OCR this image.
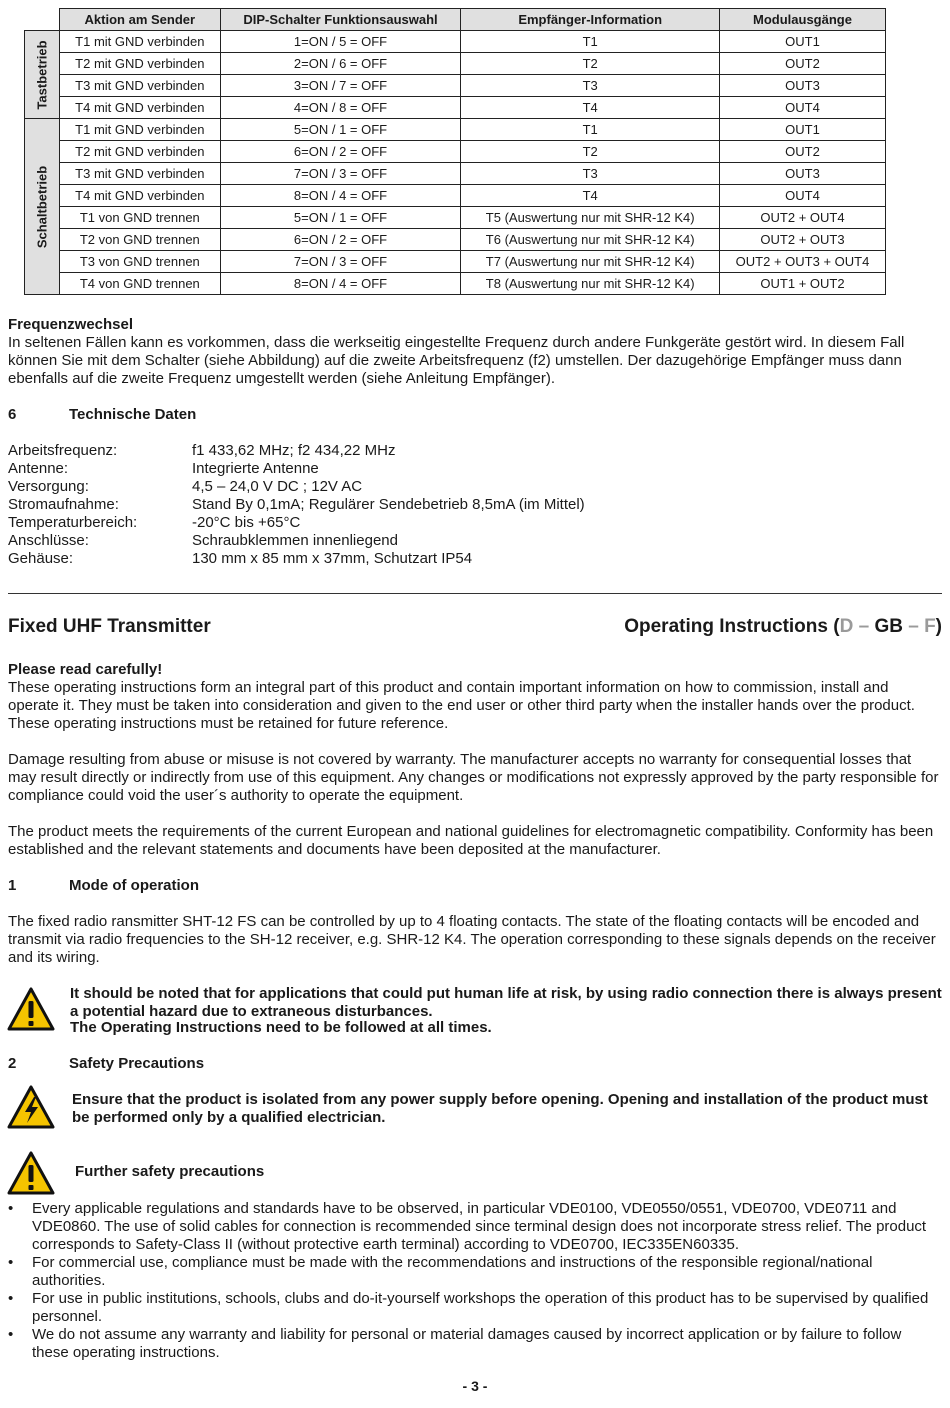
	Aktion am Sender	DIP-Schalter Funktionsauswahl	Empfänger-Information	Modulausgänge

Tastbetrieb	T1 mit GND verbinden	1=ON / 5 = OFF	T1	OUT1
	T2 mit GND verbinden	2=ON / 6 = OFF	T2	OUT2
	T3 mit GND verbinden	3=ON / 7 = OFF	T3	OUT3
	T4 mit GND verbinden	4=ON / 8 = OFF	T4	OUT4

Schaltbetrieb	T1 mit GND verbinden	5=ON / 1 = OFF	T1	OUT1
	T2 mit GND verbinden	6=ON / 2 = OFF	T2	OUT2
	T3 mit GND verbinden	7=ON / 3 = OFF	T3	OUT3
	T4 mit GND verbinden	8=ON / 4 = OFF	T4	OUT4
	T1 von GND trennen	5=ON / 1 = OFF	T5 (Auswertung nur mit SHR-12 K4)	OUT2 + OUT4
	T2 von GND trennen	6=ON / 2 = OFF	T6 (Auswertung nur mit SHR-12 K4)	OUT2 + OUT3
	T3 von GND trennen	7=ON / 3 = OFF	T7 (Auswertung nur mit SHR-12 K4)	OUT2 + OUT3 + OUT4
	T4 von GND trennen	8=ON / 4 = OFF	T8 (Auswertung nur mit SHR-12 K4)	OUT1 + OUT2
Frequenzwechsel

In seltenen Fällen kann es vorkommen, dass die werkseitig eingestellte Frequenz durch andere Funkgeräte gestört wird. In diesem Fall können Sie mit dem Schalter (siehe Abbildung) auf die zweite Arbeitsfrequenz (f2) umstellen. Der dazugehörige Empfänger muss dann ebenfalls auf die zweite Frequenz umgestellt werden (siehe Anleitung Empfänger).

6	Technische Daten
Arbeitsfrequenz:	f1 433,62 MHz; f2 434,22 MHz
Antenne:	Integrierte Antenne
Versorgung:	4,5 – 24,0 V DC ; 12V AC
Stromaufnahme:	Stand By 0,1mA; Regulärer Sendebetrieb 8,5mA (im Mittel)
Temperaturbereich:	-20°C bis +65°C
Anschlüsse:	Schraubklemmen innenliegend
Gehäuse:	130 mm x 85 mm x 37mm, Schutzart IP54
Fixed UHF Transmitter	Operating Instructions (D – GB – F)
Please read carefully!

These operating instructions form an integral part of this product and contain important information on how to commission, install and operate it. They must be taken into consideration and given to the end user or other third party when the installer hands over the product. These operating instructions must be retained for future reference.

Damage resulting from abuse or misuse is not covered by warranty. The manufacturer accepts no warranty for consequential losses that may result directly or indirectly from use of this equipment. Any changes or modifications not expressly approved by the party responsible for compliance could void the user´s authority to operate the equipment.

The product meets the requirements of the current European and national guidelines for electromagnetic compatibility. Conformity has been established and the relevant statements and documents have been deposited at the manufacturer.

1	Mode of operation

The fixed radio ransmitter SHT-12 FS can be controlled by up to 4 floating contacts. The state of the floating contacts will be encoded and transmit via radio frequencies to the SH-12 receiver, e.g. SHR-12 K4. The operation corresponding to these signals depends on the receiver and its wiring.

It should be noted that for applications that could put human life at risk, by using radio connection there is always present a potential hazard due to extraneous disturbances.

The Operating Instructions need to be followed at all times.

2	Safety Precautions

Ensure that the product is isolated from any power supply before opening. Opening and installation of the product must be performed only by a qualified electrician.

Further safety precautions
• Every applicable regulations and standards have to be observed, in particular VDE0100, VDE0550/0551, VDE0700, VDE0711 and VDE0860. The use of solid cables for connection is recommended since terminal design does not incorporate stress relief. The product corresponds to Safety-Class II (without protective earth terminal) according to VDE0700, IEC335EN60335.
• For commercial use, compliance must be made with the recommendations and instructions of the responsible regional/national authorities.
• For use in public institutions, schools, clubs and do-it-yourself workshops the operation of this product has to be supervised by qualified personnel.
• We do not assume any warranty and liability for personal or material damages caused by incorrect application or by failure to follow these operating instructions.
- 3 -
